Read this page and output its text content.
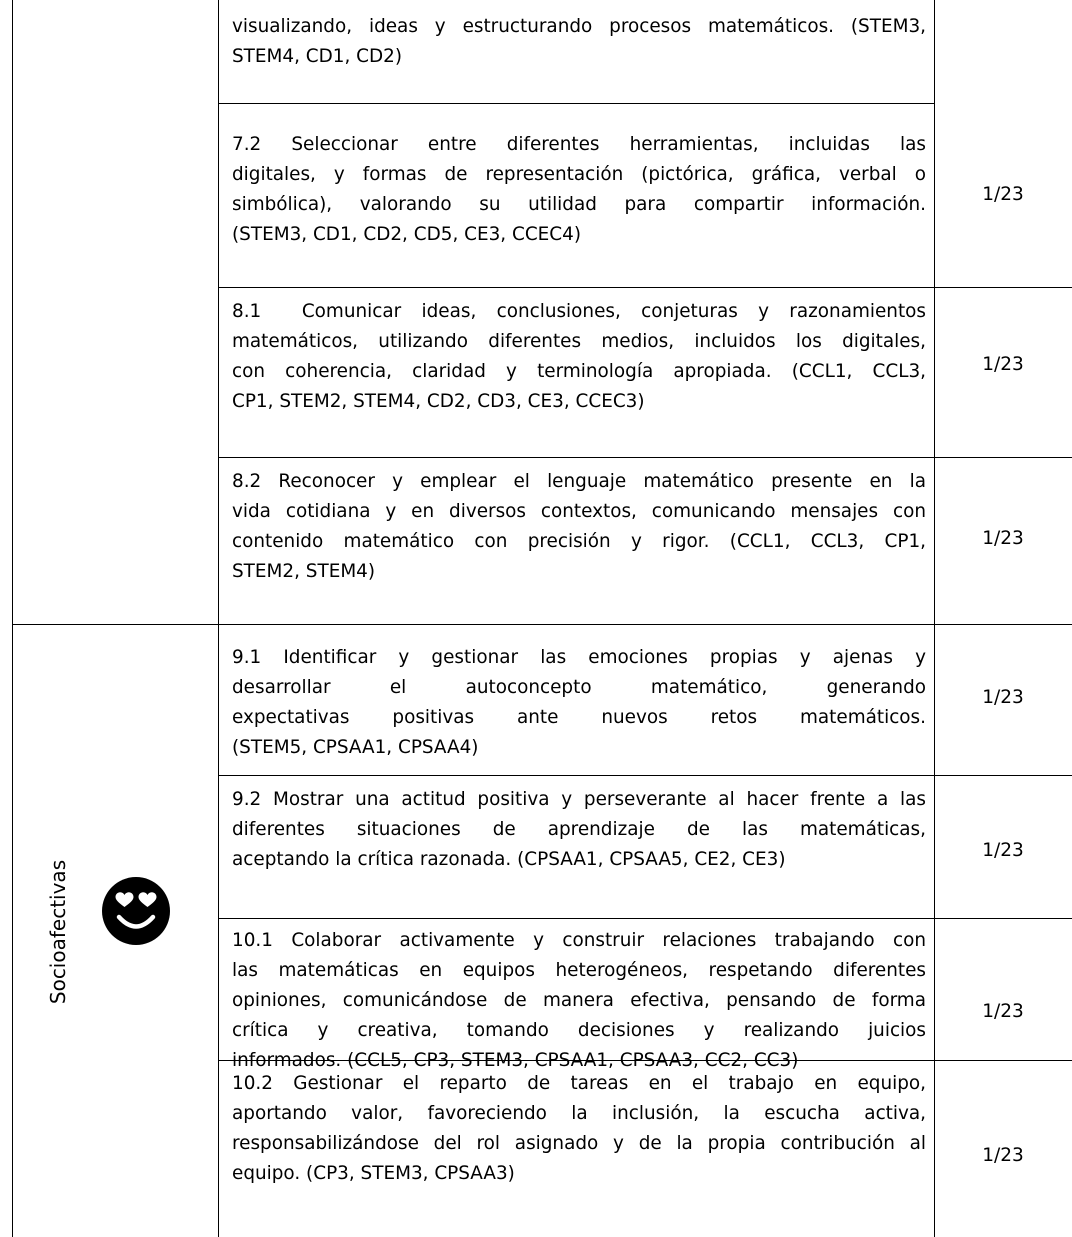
Socioafectivas
visualizando, ideas y estructurando procesos matemáticos. (STEM3,
STEM4, CD1, CD2)
7.2 Seleccionar entre diferentes herramientas, incluidas las
digitales, y formas de representación (pictórica, gráfica, verbal o
simbólica), valorando su utilidad para compartir información.
(STEM3, CD1, CD2, CD5, CE3, CCEC4)
1/23
8.1  Comunicar ideas, conclusiones, conjeturas y razonamientos
matemáticos, utilizando diferentes medios, incluidos los digitales,
con coherencia, claridad y terminología apropiada. (CCL1, CCL3,
CP1, STEM2, STEM4, CD2, CD3, CE3, CCEC3)
1/23
8.2 Reconocer y emplear el lenguaje matemático presente en la
vida cotidiana y en diversos contextos, comunicando mensajes con
contenido matemático con precisión y rigor. (CCL1, CCL3, CP1,
STEM2, STEM4)
1/23
9.1 Identificar y gestionar las emociones propias y ajenas y
desarrollar el autoconcepto matemático, generando
expectativas positivas ante nuevos retos matemáticos.
(STEM5, CPSAA1, CPSAA4)
1/23
9.2 Mostrar una actitud positiva y perseverante al hacer frente a las
diferentes situaciones de aprendizaje de las matemáticas,
aceptando la crítica razonada. (CPSAA1, CPSAA5, CE2, CE3)	1/23
10.1 Colaborar activamente y construir relaciones trabajando con
las matemáticas en equipos heterogéneos, respetando diferentes
opiniones, comunicándose de manera efectiva, pensando de forma
crítica y creativa, tomando decisiones y realizando juicios
informados. (CCL5, CP3, STEM3, CPSAA1, CPSAA3, CC2, CC3)
1/23
10.2 Gestionar el reparto de tareas en el trabajo en equipo,
aportando valor, favoreciendo la inclusión, la escucha activa,
responsabilizándose del rol asignado y de la propia contribución al
equipo. (CP3, STEM3, CPSAA3)
1/23
